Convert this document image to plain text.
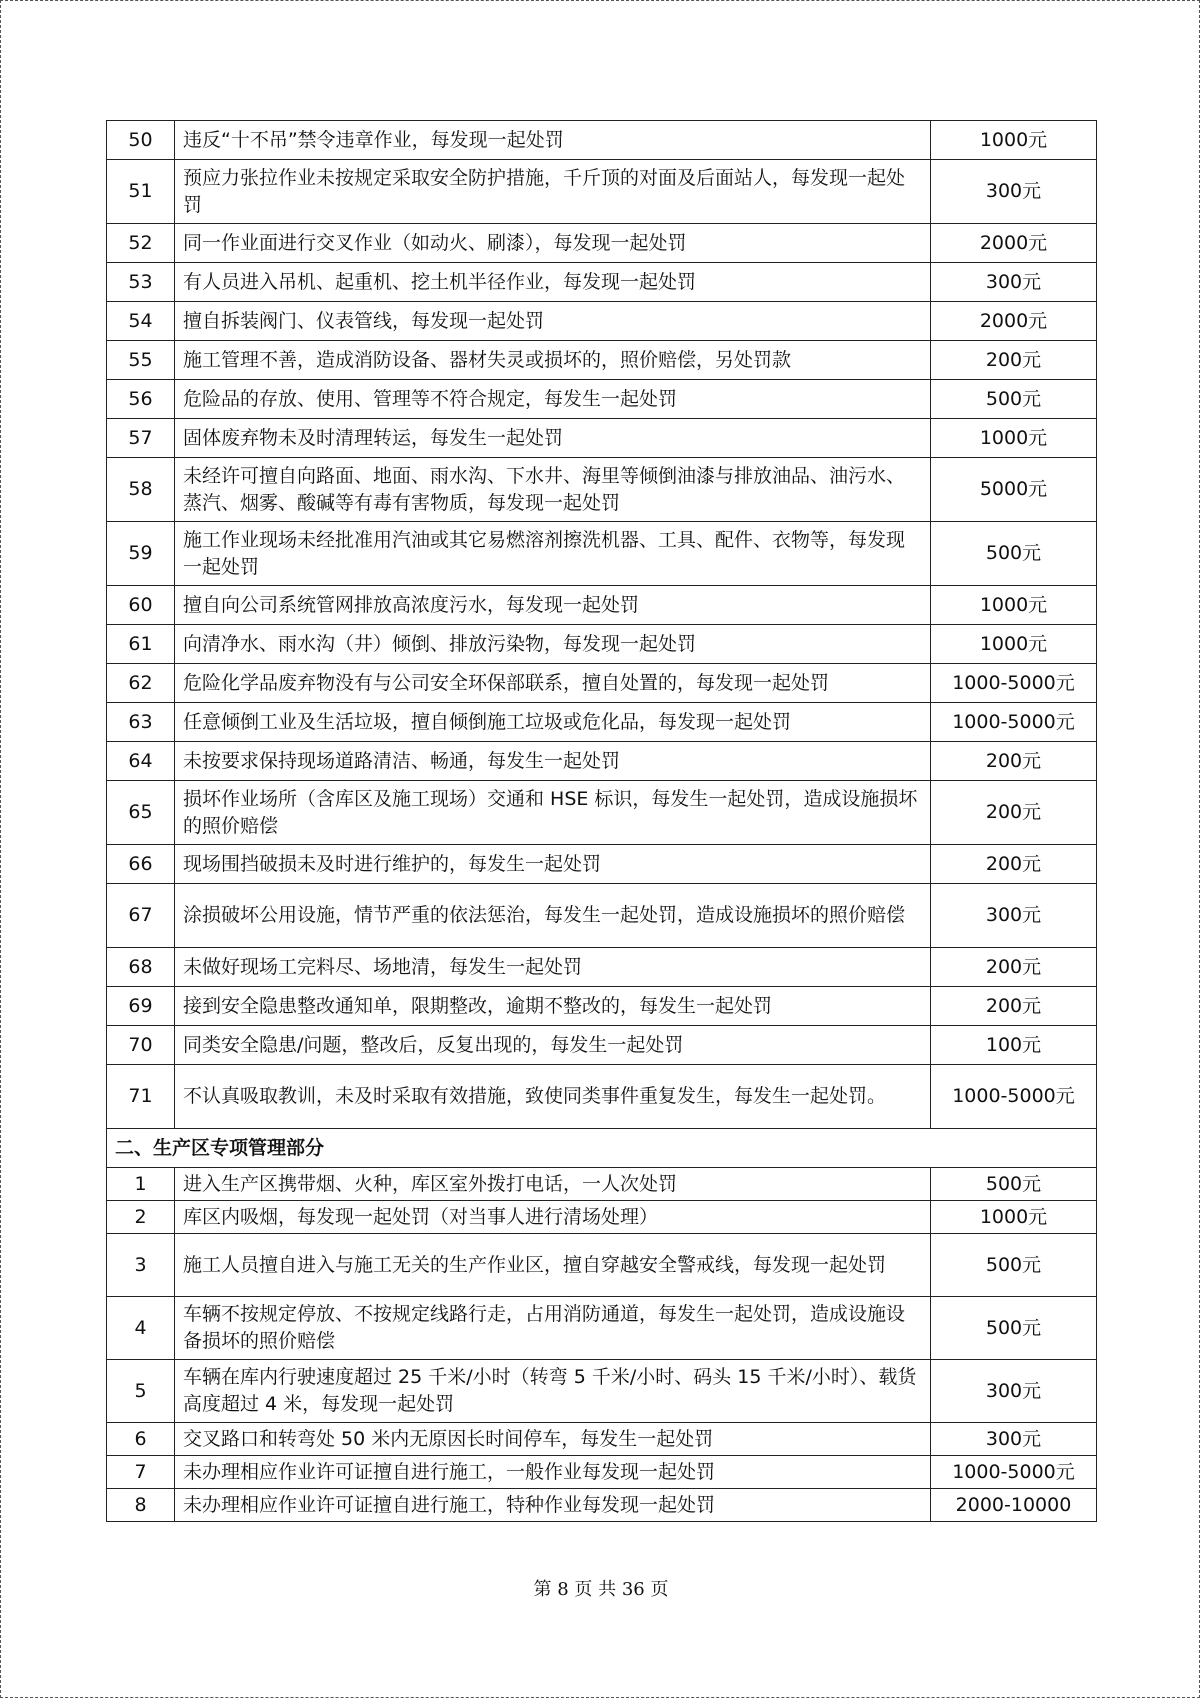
50	违反“十不吊”禁令违章作业，每发现一起处罚	1000元
51	预应力张拉作业未按规定采取安全防护措施，千斤顶的对面及后面站人，每发现一起处罚	300元
52	同一作业面进行交叉作业（如动火、刷漆），每发现一起处罚	2000元
53	有人员进入吊机、起重机、挖土机半径作业，每发现一起处罚	300元
54	擅自拆装阀门、仪表管线，每发现一起处罚	2000元
55	施工管理不善，造成消防设备、器材失灵或损坏的，照价赔偿，另处罚款	200元
56	危险品的存放、使用、管理等不符合规定，每发生一起处罚	500元
57	固体废弃物未及时清理转运，每发生一起处罚	1000元
58	未经许可擅自向路面、地面、雨水沟、下水井、海里等倾倒油漆与排放油品、油污水、蒸汽、烟雾、酸碱等有毒有害物质，每发现一起处罚	5000元
59	施工作业现场未经批准用汽油或其它易燃溶剂擦洗机器、工具、配件、衣物等，每发现一起处罚	500元
60	擅自向公司系统管网排放高浓度污水，每发现一起处罚	1000元
61	向清净水、雨水沟（井）倾倒、排放污染物，每发现一起处罚	1000元
62	危险化学品废弃物没有与公司安全环保部联系，擅自处置的，每发现一起处罚	1000-5000元
63	任意倾倒工业及生活垃圾，擅自倾倒施工垃圾或危化品，每发现一起处罚	1000-5000元
64	未按要求保持现场道路清洁、畅通，每发生一起处罚	200元
65	损坏作业场所（含库区及施工现场）交通和 HSE 标识，每发生一起处罚，造成设施损坏的照价赔偿	200元
66	现场围挡破损未及时进行维护的，每发生一起处罚	200元
67	涂损破坏公用设施，情节严重的依法惩治，每发生一起处罚，造成设施损坏的照价赔偿	300元
68	未做好现场工完料尽、场地清，每发生一起处罚	200元
69	接到安全隐患整改通知单，限期整改，逾期不整改的，每发生一起处罚	200元
70	同类安全隐患/问题，整改后，反复出现的，每发生一起处罚	100元
71	不认真吸取教训，未及时采取有效措施，致使同类事件重复发生，每发生一起处罚。	1000-5000元
二、生产区专项管理部分		
1	进入生产区携带烟、火种，库区室外拨打电话，一人次处罚	500元
2	库区内吸烟，每发现一起处罚（对当事人进行清场处理）	1000元
3	施工人员擅自进入与施工无关的生产作业区，擅自穿越安全警戒线，每发现一起处罚	500元
4	车辆不按规定停放、不按规定线路行走，占用消防通道，每发生一起处罚，造成设施设备损坏的照价赔偿	500元
5	车辆在库内行驶速度超过 25 千米/小时（转弯 5 千米/小时、码头 15 千米/小时）、载货高度超过 4 米，每发现一起处罚	300元
6	交叉路口和转弯处 50 米内无原因长时间停车，每发生一起处罚	300元
7	未办理相应作业许可证擅自进行施工，一般作业每发现一起处罚	1000-5000元
8	未办理相应作业许可证擅自进行施工，特种作业每发现一起处罚	2000-10000
第 8 页 共 36 页
